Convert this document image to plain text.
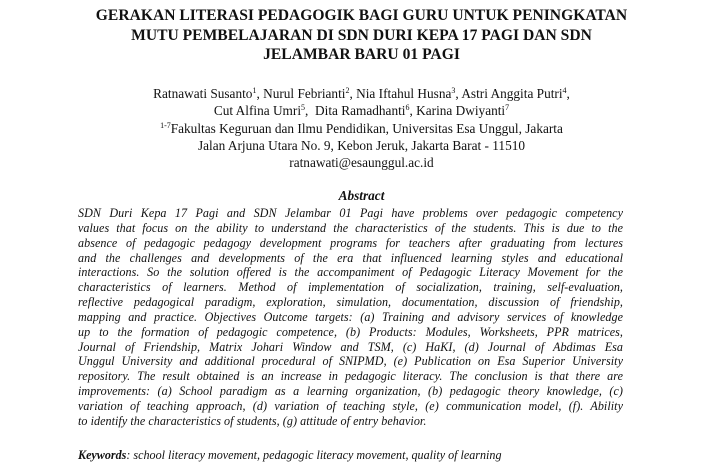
GERAKAN LITERASI PEDAGOGIK BAGI GURU UNTUK PENINGKATAN
MUTU PEMBELAJARAN DI SDN DURI KEPA 17 PAGI DAN SDN
JELAMBAR BARU 01 PAGI
Ratnawati Susanto$^1$, Nurul Febrianti$^2$, Nia Iftahul Husna$^3$, Astri Anggita Putri$^4$,
Cut Alfina Umri$^5$,  Dita Ramadhanti$^6$, Karina Dwiyanti$^7$
$^{1-7}$Fakultas Keguruan dan Ilmu Pendidikan, Universitas Esa Unggul, Jakarta
Jalan Arjuna Utara No. 9, Kebon Jeruk, Jakarta Barat - 11510
ratnawati@esaunggul.ac.id
Abstract
SDN Duri Kepa 17 Pagi and SDN Jelambar 01 Pagi have problems over pedagogic competency
values that focus on the ability to understand the characteristics of the students. This is due to the
absence of pedagogic pedagogy development programs for teachers after graduating from lectures
and the challenges and developments of the era that influenced learning styles and educational
interactions. So the solution offered is the accompaniment of Pedagogic Literacy Movement for the
characteristics of learners. Method of implementation of socialization, training, self-evaluation,
reflective pedagogical paradigm, exploration, simulation, documentation, discussion of friendship,
mapping and practice. Objectives Outcome targets: (a) Training and advisory services of knowledge
up to the formation of pedagogic competence, (b) Products: Modules, Worksheets, PPR matrices,
Journal of Friendship, Matrix Johari Window and TSM, (c) HaKI, (d) Journal of Abdimas Esa
Unggul University and additional procedural of SNIPMD, (e) Publication on Esa Superior University
repository. The result obtained is an increase in pedagogic literacy. The conclusion is that there are
improvements: (a) School paradigm as a learning organization, (b) pedagogic theory knowledge, (c)
variation of teaching approach, (d) variation of teaching style, (e) communication model, (f). Ability
to identify the characteristics of students, (g) attitude of entry behavior.
Keywords: school literacy movement, pedagogic literacy movement, quality of learning
